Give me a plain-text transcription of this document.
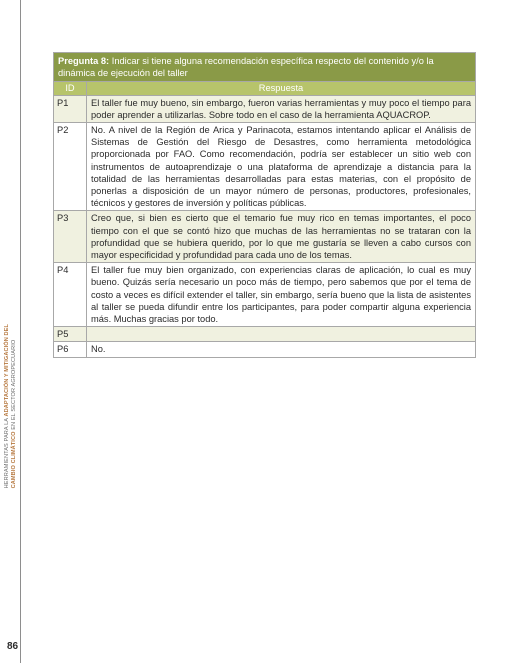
HERRAMIENTAS PARA LA ADAPTACIÓN Y MITIGACIÓN DEL
CAMBIO CLIMÁTICO EN EL SECTOR AGROPECUARIO
Pregunta 8: Indicar si tiene alguna recomendación específica respecto del contenido y/o la dinámica de ejecución del taller	
ID	Respuesta
P1	El taller fue muy bueno, sin embargo, fueron varias herramientas y muy poco el tiempo para poder aprender a utilizarlas. Sobre todo en el caso de la herramienta AQUACROP.
P2	No. A nivel de la Región de Arica y Parinacota, estamos intentando aplicar el Análisis de Sistemas de Gestión del Riesgo de Desastres, como herramienta metodológica proporcionada por FAO. Como recomendación, podría ser establecer un sitio web con instrumentos de autoaprendizaje o una plataforma de aprendizaje a distancia para la totalidad de las herramientas desarrolladas para estas materias, con el propósito de ponerlas a disposición de un mayor número de personas, productores, profesionales, técnicos y gestores de inversión y políticas públicas.
P3	Creo que, si bien es cierto que el temario fue muy rico en temas importantes, el poco tiempo con el que se contó hizo que muchas de las herramientas no se trataran con la profundidad que se hubiera querido, por lo que me gustaría se lleven a cabo cursos con mayor especificidad y profundidad para cada uno de los temas.
P4	El taller fue muy bien organizado, con experiencias claras de aplicación, lo cual es muy bueno. Quizás sería necesario un poco más de tiempo, pero sabemos que por el tema de costo a veces es difícil extender el taller, sin embargo, sería bueno que la lista de asistentes al taller se pueda difundir entre los participantes, para poder compartir alguna experiencia más. Muchas gracias por todo.
P5	
P6	No.
86
